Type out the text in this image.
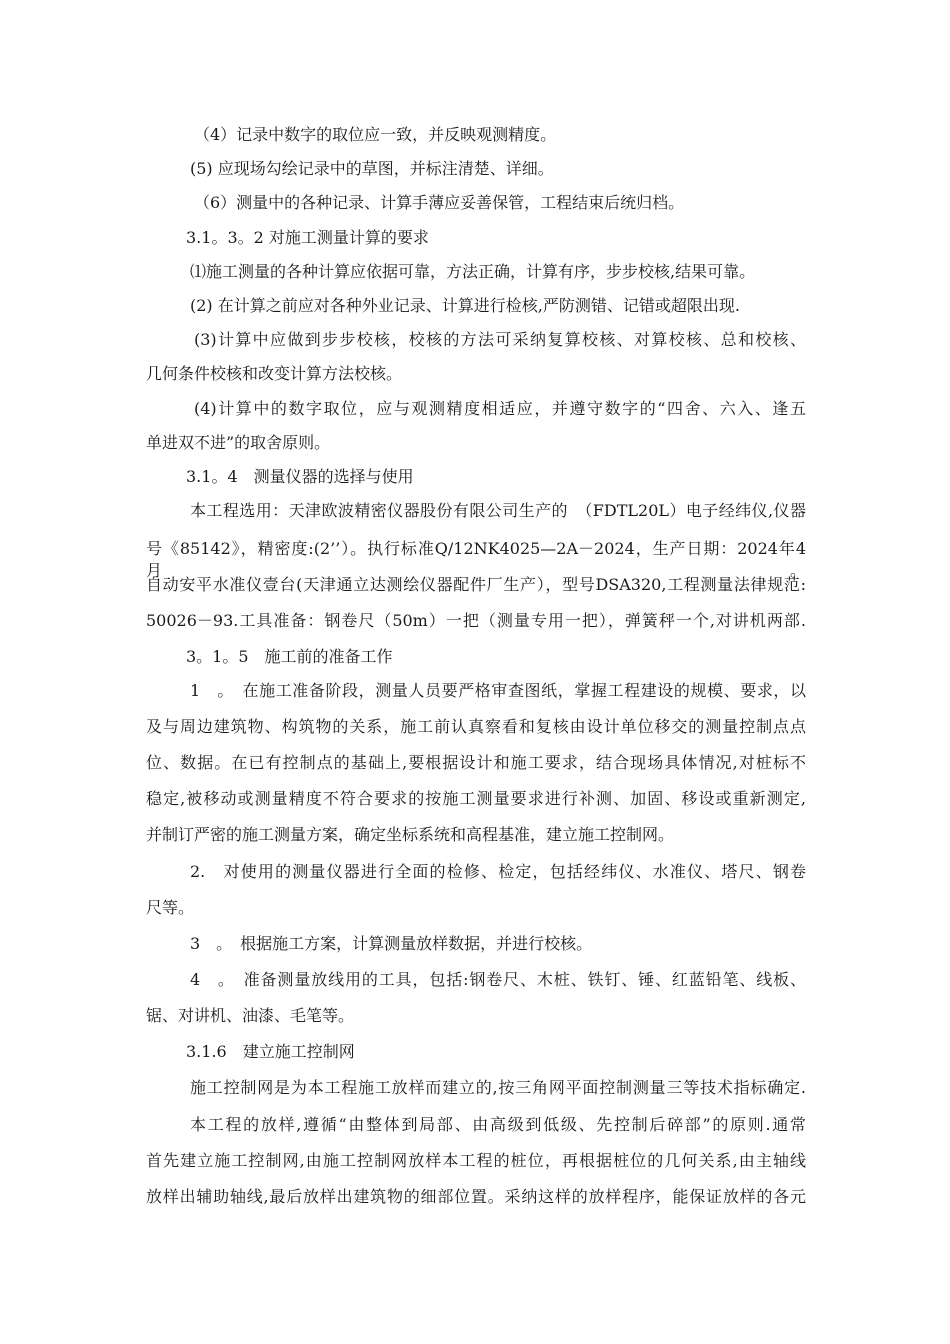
（4）记录中数字的取位应一致，并反映观测精度。
(5) 应现场勾绘记录中的草图，并标注清楚、详细。
（6）测量中的各种记录、计算手薄应妥善保管，工程结束后统归档。
3.1。3。2 对施工测量计算的要求
⑴施工测量的各种计算应依据可靠，方法正确，计算有序，步步校核,结果可靠。
(2) 在计算之前应对各种外业记录、计算进行检核,严防测错、记错或超限出现.
(3)计算中应做到步步校核，校核的方法可采纳复算校核、对算校核、总和校核、
几何条件校核和改变计算方法校核。
(4)计算中的数字取位，应与观测精度相适应，并遵守数字的“四舍、六入、逢五
单进双不进”的取舍原则。
3.1。4　测量仪器的选择与使用
本工程选用：天津欧波精密仪器股份有限公司生产的　（FDTL20L）电子经纬仪,仪器
号《85142》，精密度:(2’’）。执行标准Q/12NK4025—2A－2024，生产日期：2024年4月。
自动安平水准仪壹台(天津通立达测绘仪器配件厂生产），型号DSA320,工程测量法律规范:
50026－93.工具准备：钢卷尺（50m）一把（测量专用一把），弹簧秤一个,对讲机两部.
3。1。5　施工前的准备工作
1　。　在施工准备阶段，测量人员要严格审查图纸，掌握工程建设的规模、要求，以
及与周边建筑物、构筑物的关系，施工前认真察看和复核由设计单位移交的测量控制点点
位、数据。在已有控制点的基础上,要根据设计和施工要求，结合现场具体情况,对桩标不
稳定,被移动或测量精度不符合要求的按施工测量要求进行补测、加固、移设或重新测定,
并制订严密的施工测量方案，确定坐标系统和高程基准，建立施工控制网。
2.　对使用的测量仪器进行全面的检修、检定，包括经纬仪、水准仪、塔尺、钢卷
尺等。
3　。　根据施工方案，计算测量放样数据，并进行校核。
4　。　准备测量放线用的工具，包括:钢卷尺、木桩、铁钉、锤、红蓝铅笔、线板、
锯、对讲机、油漆、毛笔等。
3.1.6　建立施工控制网
施工控制网是为本工程施工放样而建立的,按三角网平面控制测量三等技术指标确定.
本工程的放样,遵循“由整体到局部、由高级到低级、先控制后碎部”的原则.通常
首先建立施工控制网,由施工控制网放样本工程的桩位，再根据桩位的几何关系,由主轴线
放样出辅助轴线,最后放样出建筑物的细部位置。采纳这样的放样程序，能保证放样的各元
